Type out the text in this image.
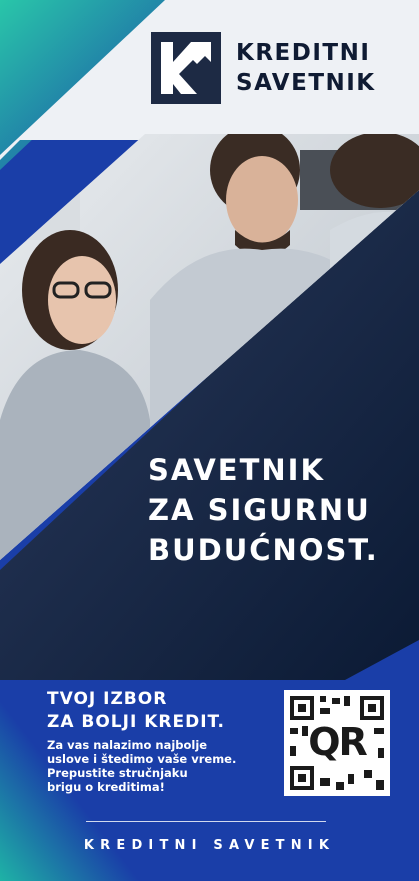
KREDITNI
SAVETNIK
SAVETNIK
ZA SIGURNU
BUDUĆNOST.
TVOJ IZBOR
ZA BOLJI KREDIT.
Za vas nalazimo najbolje
uslove i štedimo vaše vreme.
Prepustite stručnjaku
brigu o kreditima!
QR
KREDITNI SAVETNIK
